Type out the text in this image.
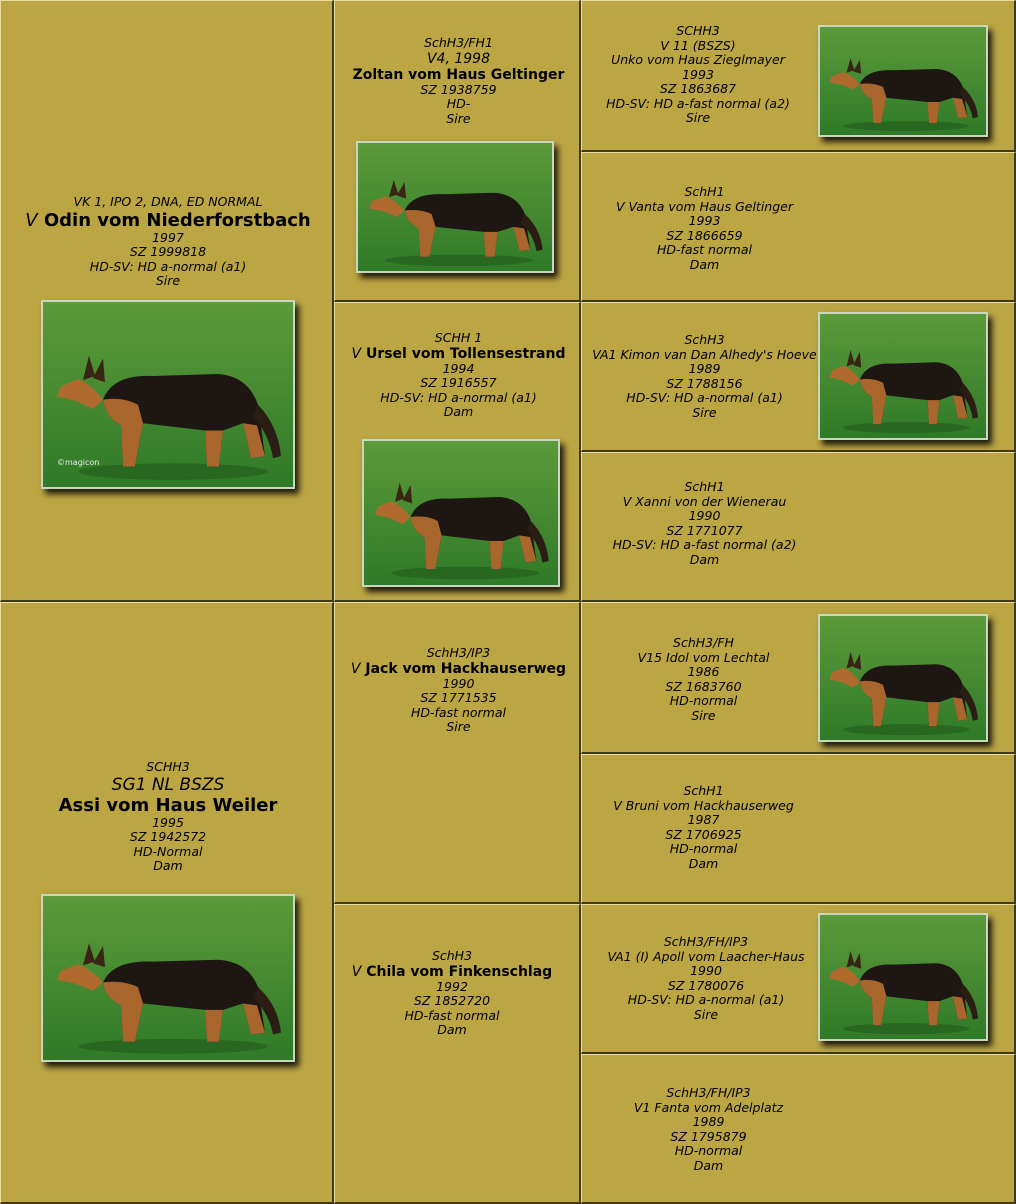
VK 1, IPO 2, DNA, ED NORMAL
V Odin vom Niederforstbach
1997
SZ 1999818
HD-SV: HD a-normal (a1)
Sire
©magicon
SchH3/FH1
V4, 1998
Zoltan vom Haus Geltinger
SZ 1938759
HD-
Sire
SCHH 1
V Ursel vom Tollensestrand
1994
SZ 1916557
HD-SV: HD a-normal (a1)
Dam
SCHH3
V 11 (BSZS)
Unko vom Haus Zieglmayer
1993
SZ 1863687
HD-SV: HD a-fast normal (a2)
Sire
SchH1
V Vanta vom Haus Geltinger
1993
SZ 1866659
HD-fast normal
Dam
SchH3
VA1 Kimon van Dan Alhedy's Hoeve
1989
SZ 1788156
HD-SV: HD a-normal (a1)
Sire
SchH1
V Xanni von der Wienerau
1990
SZ 1771077
HD-SV: HD a-fast normal (a2)
Dam
SCHH3
SG1 NL BSZS
Assi vom Haus Weiler
1995
SZ 1942572
HD-Normal
Dam
SchH3/IP3
V Jack vom Hackhauserweg
1990
SZ 1771535
HD-fast normal
Sire
SchH3
V Chila vom Finkenschlag
1992
SZ 1852720
HD-fast normal
Dam
SchH3/FH
V15 Idol vom Lechtal
1986
SZ 1683760
HD-normal
Sire
SchH1
V Bruni vom Hackhauserweg
1987
SZ 1706925
HD-normal
Dam
SchH3/FH/IP3
VA1 (I) Apoll vom Laacher-Haus
1990
SZ 1780076
HD-SV: HD a-normal (a1)
Sire
SchH3/FH/IP3
V1 Fanta vom Adelplatz
1989
SZ 1795879
HD-normal
Dam
